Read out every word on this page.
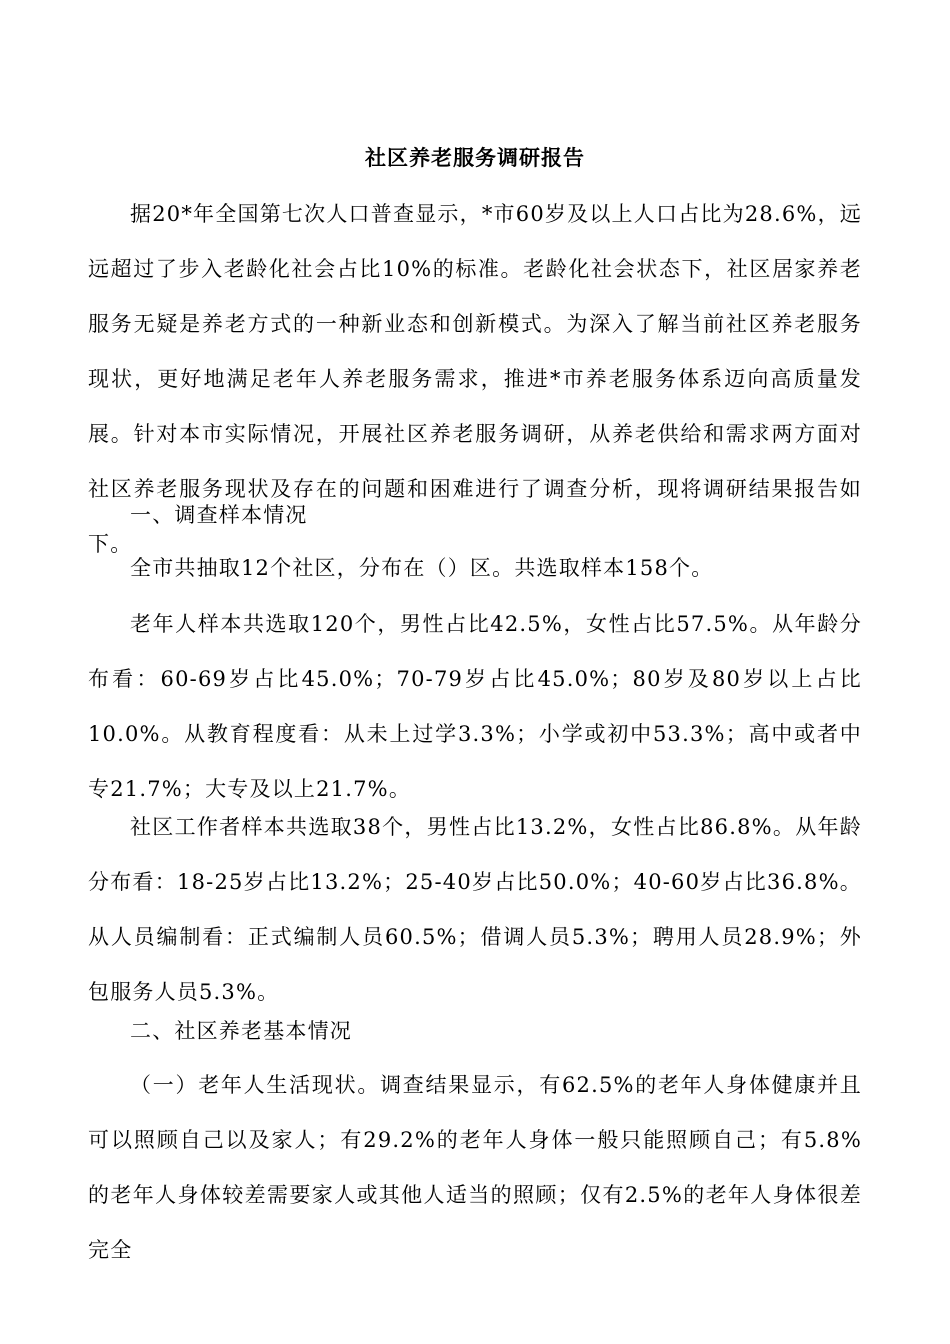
社区养老服务调研报告
据20*年全国第七次人口普查显示，*市60岁及以上人口占比为28.6%，远远超过了步入老龄化社会占比10%的标准。老龄化社会状态下，社区居家养老服务无疑是养老方式的一种新业态和创新模式。为深入了解当前社区养老服务现状，更好地满足老年人养老服务需求，推进*市养老服务体系迈向高质量发展。针对本市实际情况，开展社区养老服务调研，从养老供给和需求两方面对社区养老服务现状及存在的问题和困难进行了调查分析，现将调研结果报告如下。
一、调查样本情况
全市共抽取12个社区，分布在（）区。共选取样本158个。
老年人样本共选取120个，男性占比42.5%，女性占比57.5%。从年龄分布看：60-69岁占比45.0%；70-79岁占比45.0%；80岁及80岁以上占比10.0%。从教育程度看：从未上过学3.3%；小学或初中53.3%；高中或者中专21.7%；大专及以上21.7%。
社区工作者样本共选取38个，男性占比13.2%，女性占比86.8%。从年龄分布看：18-25岁占比13.2%；25-40岁占比50.0%；40-60岁占比36.8%。从人员编制看：正式编制人员60.5%；借调人员5.3%；聘用人员28.9%；外包服务人员5.3%。
二、社区养老基本情况
（一）老年人生活现状。调查结果显示，有62.5%的老年人身体健康并且可以照顾自己以及家人；有29.2%的老年人身体一般只能照顾自己；有5.8%的老年人身体较差需要家人或其他人适当的照顾；仅有2.5%的老年人身体很差完全
